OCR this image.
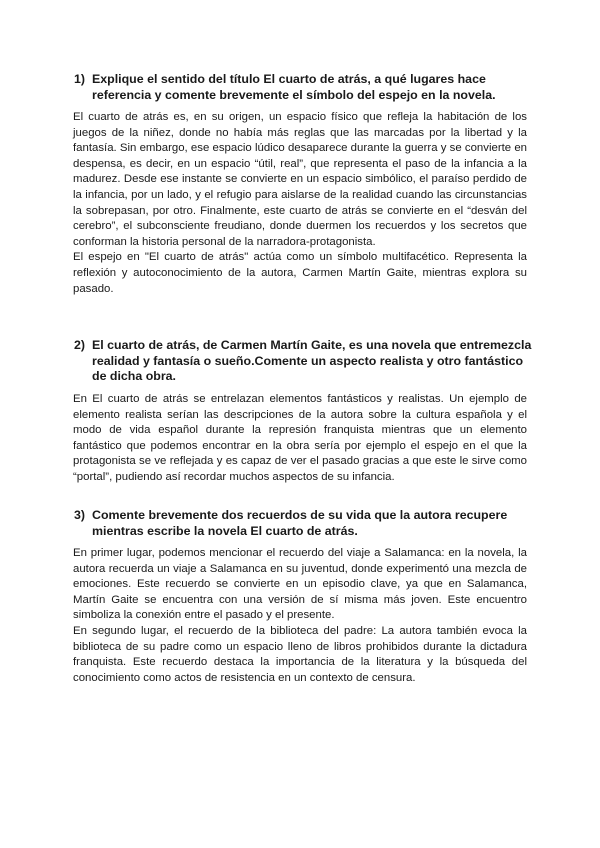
1) Explique el sentido del título El cuarto de atrás, a qué lugares hace referencia y comente brevemente el símbolo del espejo en la novela.

El cuarto de atrás es, en su origen, un espacio físico que refleja la habitación de los juegos de la niñez, donde no había más reglas que las marcadas por la libertad y la fantasía. Sin embargo, ese espacio lúdico desaparece durante la guerra y se convierte en despensa, es decir, en un espacio “útil, real”, que representa el paso de la infancia a la madurez. Desde ese instante se convierte en un espacio simbólico, el paraíso perdido de la infancia, por un lado, y el refugio para aislarse de la realidad cuando las circunstancias la sobrepasan, por otro. Finalmente, este cuarto de atrás se convierte en el “desván del cerebro”, el subconsciente freudiano, donde duermen los recuerdos y los secretos que conforman la historia personal de la narradora-protagonista.

El espejo en "El cuarto de atrás" actúa como un símbolo multifacético. Representa la reflexión y autoconocimiento de la autora, Carmen Martín Gaite, mientras explora su pasado.

2) El cuarto de atrás, de Carmen Martín Gaite, es una novela que entremezcla realidad y fantasía o sueño.Comente un aspecto realista y otro fantástico de dicha obra.

En El cuarto de atrás se entrelazan elementos fantásticos y realistas. Un ejemplo de elemento realista serían las descripciones de la autora sobre la cultura española y el modo de vida español durante la represión franquista mientras que un elemento fantástico que podemos encontrar en la obra sería por ejemplo el espejo en el que la protagonista se ve reflejada y es capaz de ver el pasado gracias a que este le sirve como “portal”, pudiendo así recordar muchos aspectos de su infancia.

3) Comente brevemente dos recuerdos de su vida que la autora recupere mientras escribe la novela El cuarto de atrás.

En primer lugar, podemos mencionar el recuerdo del viaje a Salamanca: en la novela, la autora recuerda un viaje a Salamanca en su juventud, donde experimentó una mezcla de emociones. Este recuerdo se convierte en un episodio clave, ya que en Salamanca, Martín Gaite se encuentra con una versión de sí misma más joven. Este encuentro simboliza la conexión entre el pasado y el presente.

En segundo lugar, el recuerdo de la biblioteca del padre: La autora también evoca la biblioteca de su padre como un espacio lleno de libros prohibidos durante la dictadura franquista. Este recuerdo destaca la importancia de la literatura y la búsqueda del conocimiento como actos de resistencia en un contexto de censura.
